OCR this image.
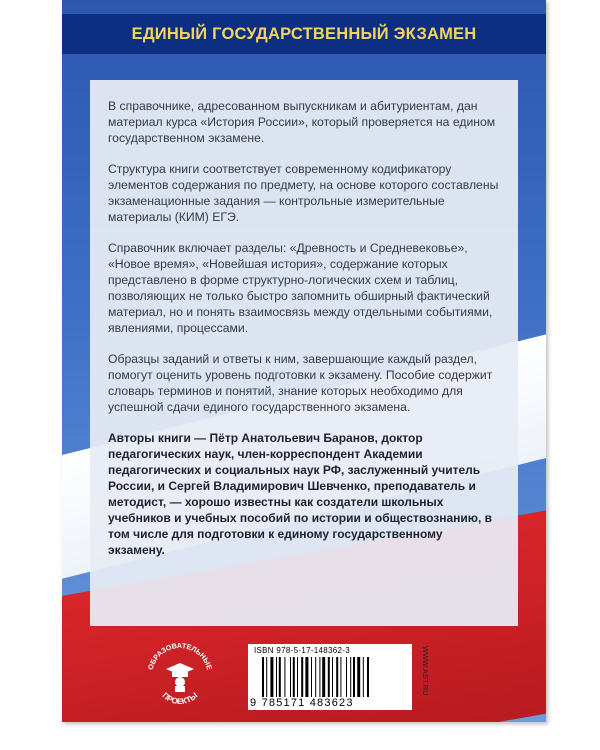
ЕДИНЫЙ ГОСУДАРСТВЕННЫЙ ЭКЗАМЕН

В справочнике, адресованном выпускникам и абитуриентам, дан материал курса «История России», который проверяется на едином государственном экзамене.

Структура книги соответствует современному кодификатору элементов содержания по предмету, на основе которого составлены экзаменационные задания — контрольные измерительные материалы (КИМ) ЕГЭ.

Справочник включает разделы: «Древность и Средневековье», «Новое время», «Новейшая история», содержание которых представлено в форме структурно-логических схем и таблиц, позволяющих не только быстро запомнить обширный фактический материал, но и понять взаимосвязь между отдельными событиями, явлениями, процессами.

Образцы заданий и ответы к ним, завершающие каждый раздел, помогут оценить уровень подготовки к экзамену. Пособие содержит словарь терминов и понятий, знание которых необходимо для успешной сдачи единого государственного экзамена.

Авторы книги — Пётр Анатольевич Баранов, доктор педагогических наук, член-корреспондент Академии педагогических и социальных наук РФ, заслуженный учитель России, и Сергей Владимирович Шевченко, преподаватель и методист, — хорошо известны как создатели школьных учебников и учебных пособий по истории и обществознанию, в том числе для подготовки к единому государственному экзамену.

ОБРАЗОВАТЕЛЬНЫЕ
ПРОЕКТЫ
ISBN 978-5-17-148362-3
9 785171 483623
WWW.AST.RU
